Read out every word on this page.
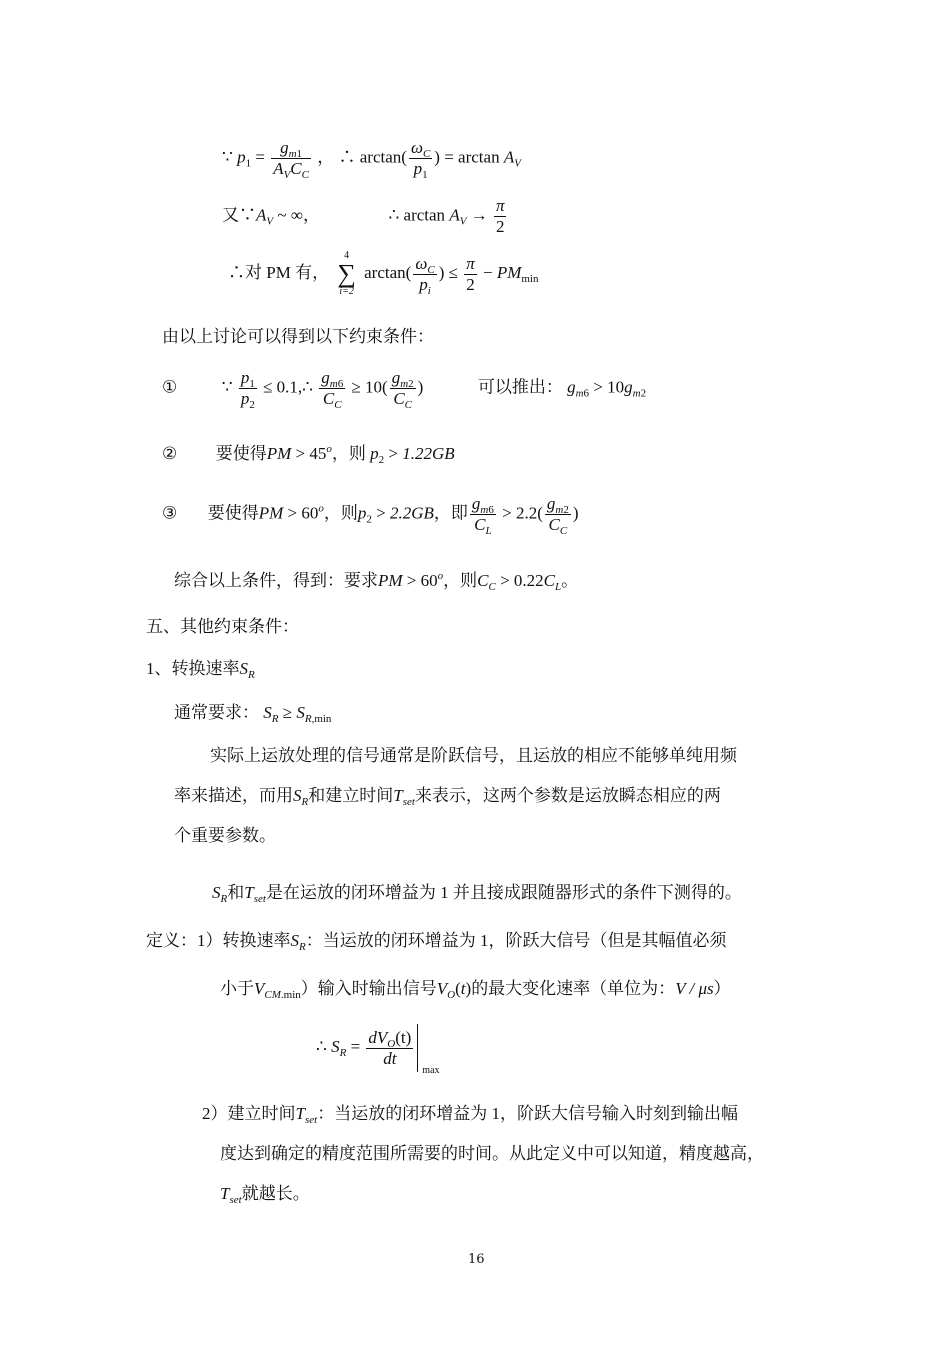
∵ $p_1 = \frac{g_{m1}}{A_VC_C}$ ， ∴ $\arctan( \frac{\omega_C}{p_1}$ ) = $\arctan A_V$
又$\because A_V$ ~ ∞，	∴ $\arctan A_V \to \frac{\pi}{2}$
∴对 PM 有，
4
∑
i=2
$\arctan( \frac{\omega_C}{p_i}$ ) ≤ $\frac{\pi}{2} - PM_{min}$
由以上讨论可以得到以下约束条件：
①	∵ $\frac{p_1}{p_2}$ ≤ 0.1,∴ $\frac{g_{m6}}{C_C} \ge 10( \frac{g_{m2}}{C_C}$ )	可以推出： $g_{m6} > 10g_{m2}$
② 要使得PM > $45^o$，则 $p_2 > 1.22GB$
③ 要使得PM > $60^o$，则$p_2 > 2.2GB$，即 $\frac{g_{m6}}{C_L} > 2.2( \frac{g_{m2}}{C_C}$ )
综合以上条件，得到：要求PM > $60^o$，则$C_C > 0.22C_L$。
五、其他约束条件：
1、转换速率$S_R$
通常要求： $S_R \ge S_{R,min}$
实际上运放处理的信号通常是阶跃信号，且运放的相应不能够单纯用频
率来描述，而用$S_R$和建立时间$T_{set}$来表示，这两个参数是运放瞬态相应的两
个重要参数。
$S_R$和$T_{set}$是在运放的闭环增益为 1 并且接成跟随器形式的条件下测得的。
定义：1）转换速率$S_R$：当运放的闭环增益为 1，阶跃大信号（但是其幅值必须
小于$V_{CM.min}$）输入时输出信号$V_O(t)$的最大变化速率（单位为：V / μs）
∴ $S_R = \frac{dV_O(t)}{dt}$
max
2）建立时间$T_{set}$：当运放的闭环增益为 1，阶跃大信号输入时刻到输出幅
度达到确定的精度范围所需要的时间。从此定义中可以知道，精度越高，
$T_{set}$就越长。
16
